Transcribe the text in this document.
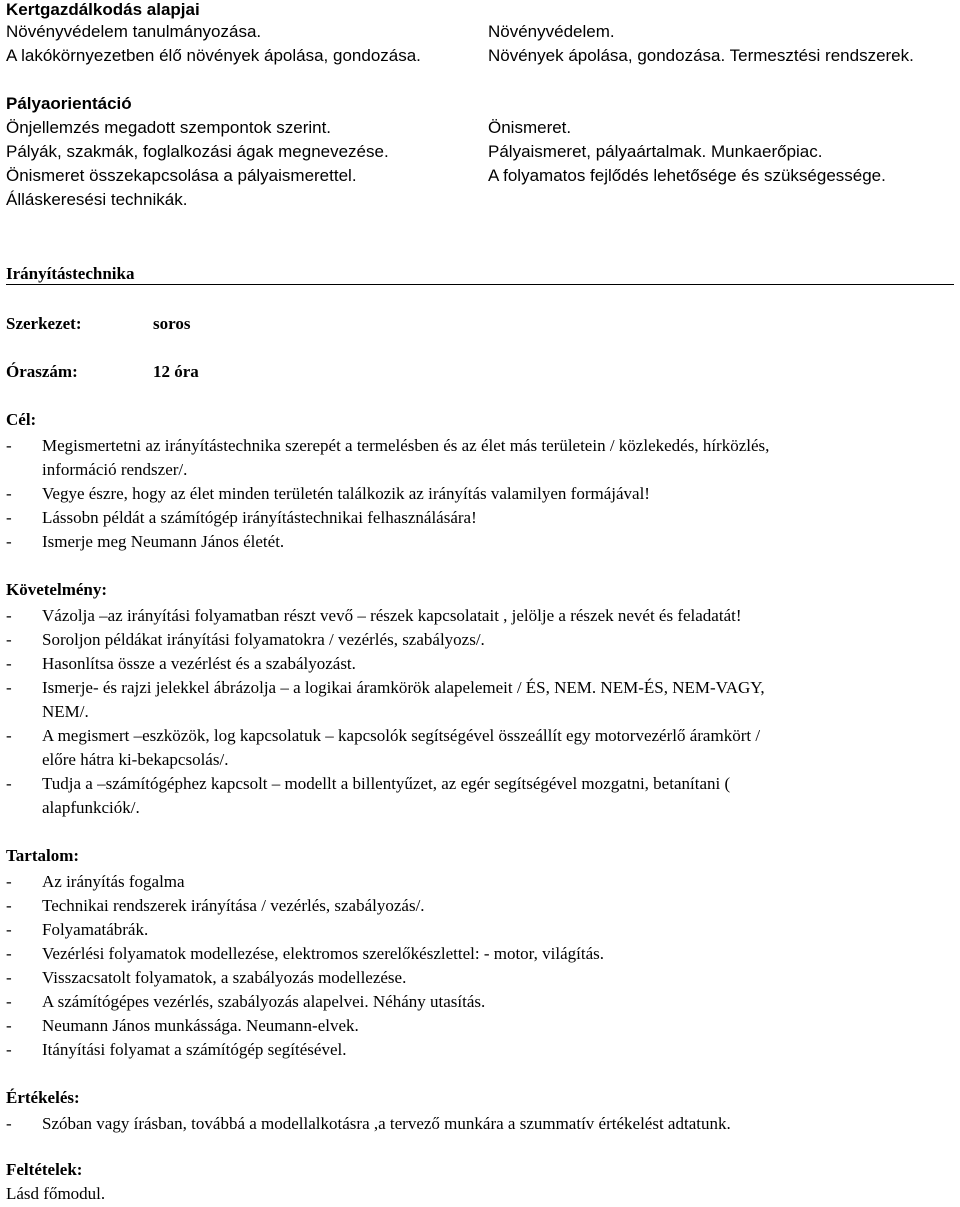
Kertgazdálkodás alapjai
Növényvédelem tanulmányozása.
A lakókörnyezetben élő növények ápolása, gondozása.
Növényvédelem.
Növények ápolása, gondozása. Termesztési rendszerek.
Pályaorientáció
Önjellemzés megadott szempontok szerint.
Pályák, szakmák, foglalkozási ágak megnevezése.
Önismeret összekapcsolása a pályaismerettel.
Álláskeresési technikák.
Önismeret.
Pályaismeret, pályaártalmak. Munkaerőpiac.
A folyamatos fejlődés lehetősége és szükségessége.
Irányítástechnika
Szerkezet:	soros
Óraszám:	12 óra
Cél:
- Megismertetni az irányítástechnika szerepét a termelésben és az élet más területein / közlekedés, hírközlés,
információ rendszer/.
- Vegye észre, hogy az élet minden területén találkozik az irányítás valamilyen formájával!
- Lássobn példát a számítógép irányítástechnikai felhasználására!
- Ismerje meg Neumann János életét.
Követelmény:
- Vázolja –az irányítási folyamatban részt vevő – részek kapcsolatait , jelölje a részek nevét és feladatát!
- Soroljon példákat irányítási folyamatokra / vezérlés, szabályozs/.
- Hasonlítsa össze a vezérlést és a szabályozást.
- Ismerje- és rajzi jelekkel ábrázolja – a logikai áramkörök alapelemeit / ÉS, NEM. NEM-ÉS, NEM-VAGY,
NEM/.
- A megismert –eszközök, log kapcsolatuk – kapcsolók segítségével összeállít egy motorvezérlő áramkört /
előre hátra ki-bekapcsolás/.
- Tudja a –számítógéphez kapcsolt – modellt a billentyűzet, az egér segítségével mozgatni, betanítani (
alapfunkciók/.
Tartalom:
- Az irányítás fogalma
- Technikai rendszerek irányítása / vezérlés, szabályozás/.
- Folyamatábrák.
- Vezérlési folyamatok modellezése, elektromos szerelőkészlettel: - motor, világítás.
- Visszacsatolt folyamatok, a szabályozás modellezése.
- A számítógépes vezérlés, szabályozás alapelvei. Néhány utasítás.
- Neumann János munkássága. Neumann-elvek.
- Itányítási folyamat a számítógép segítésével.
Értékelés:
- Szóban vagy írásban, továbbá a modellalkotásra ,a tervező munkára a szummatív értékelést adtatunk.
Feltételek:
Lásd főmodul.
